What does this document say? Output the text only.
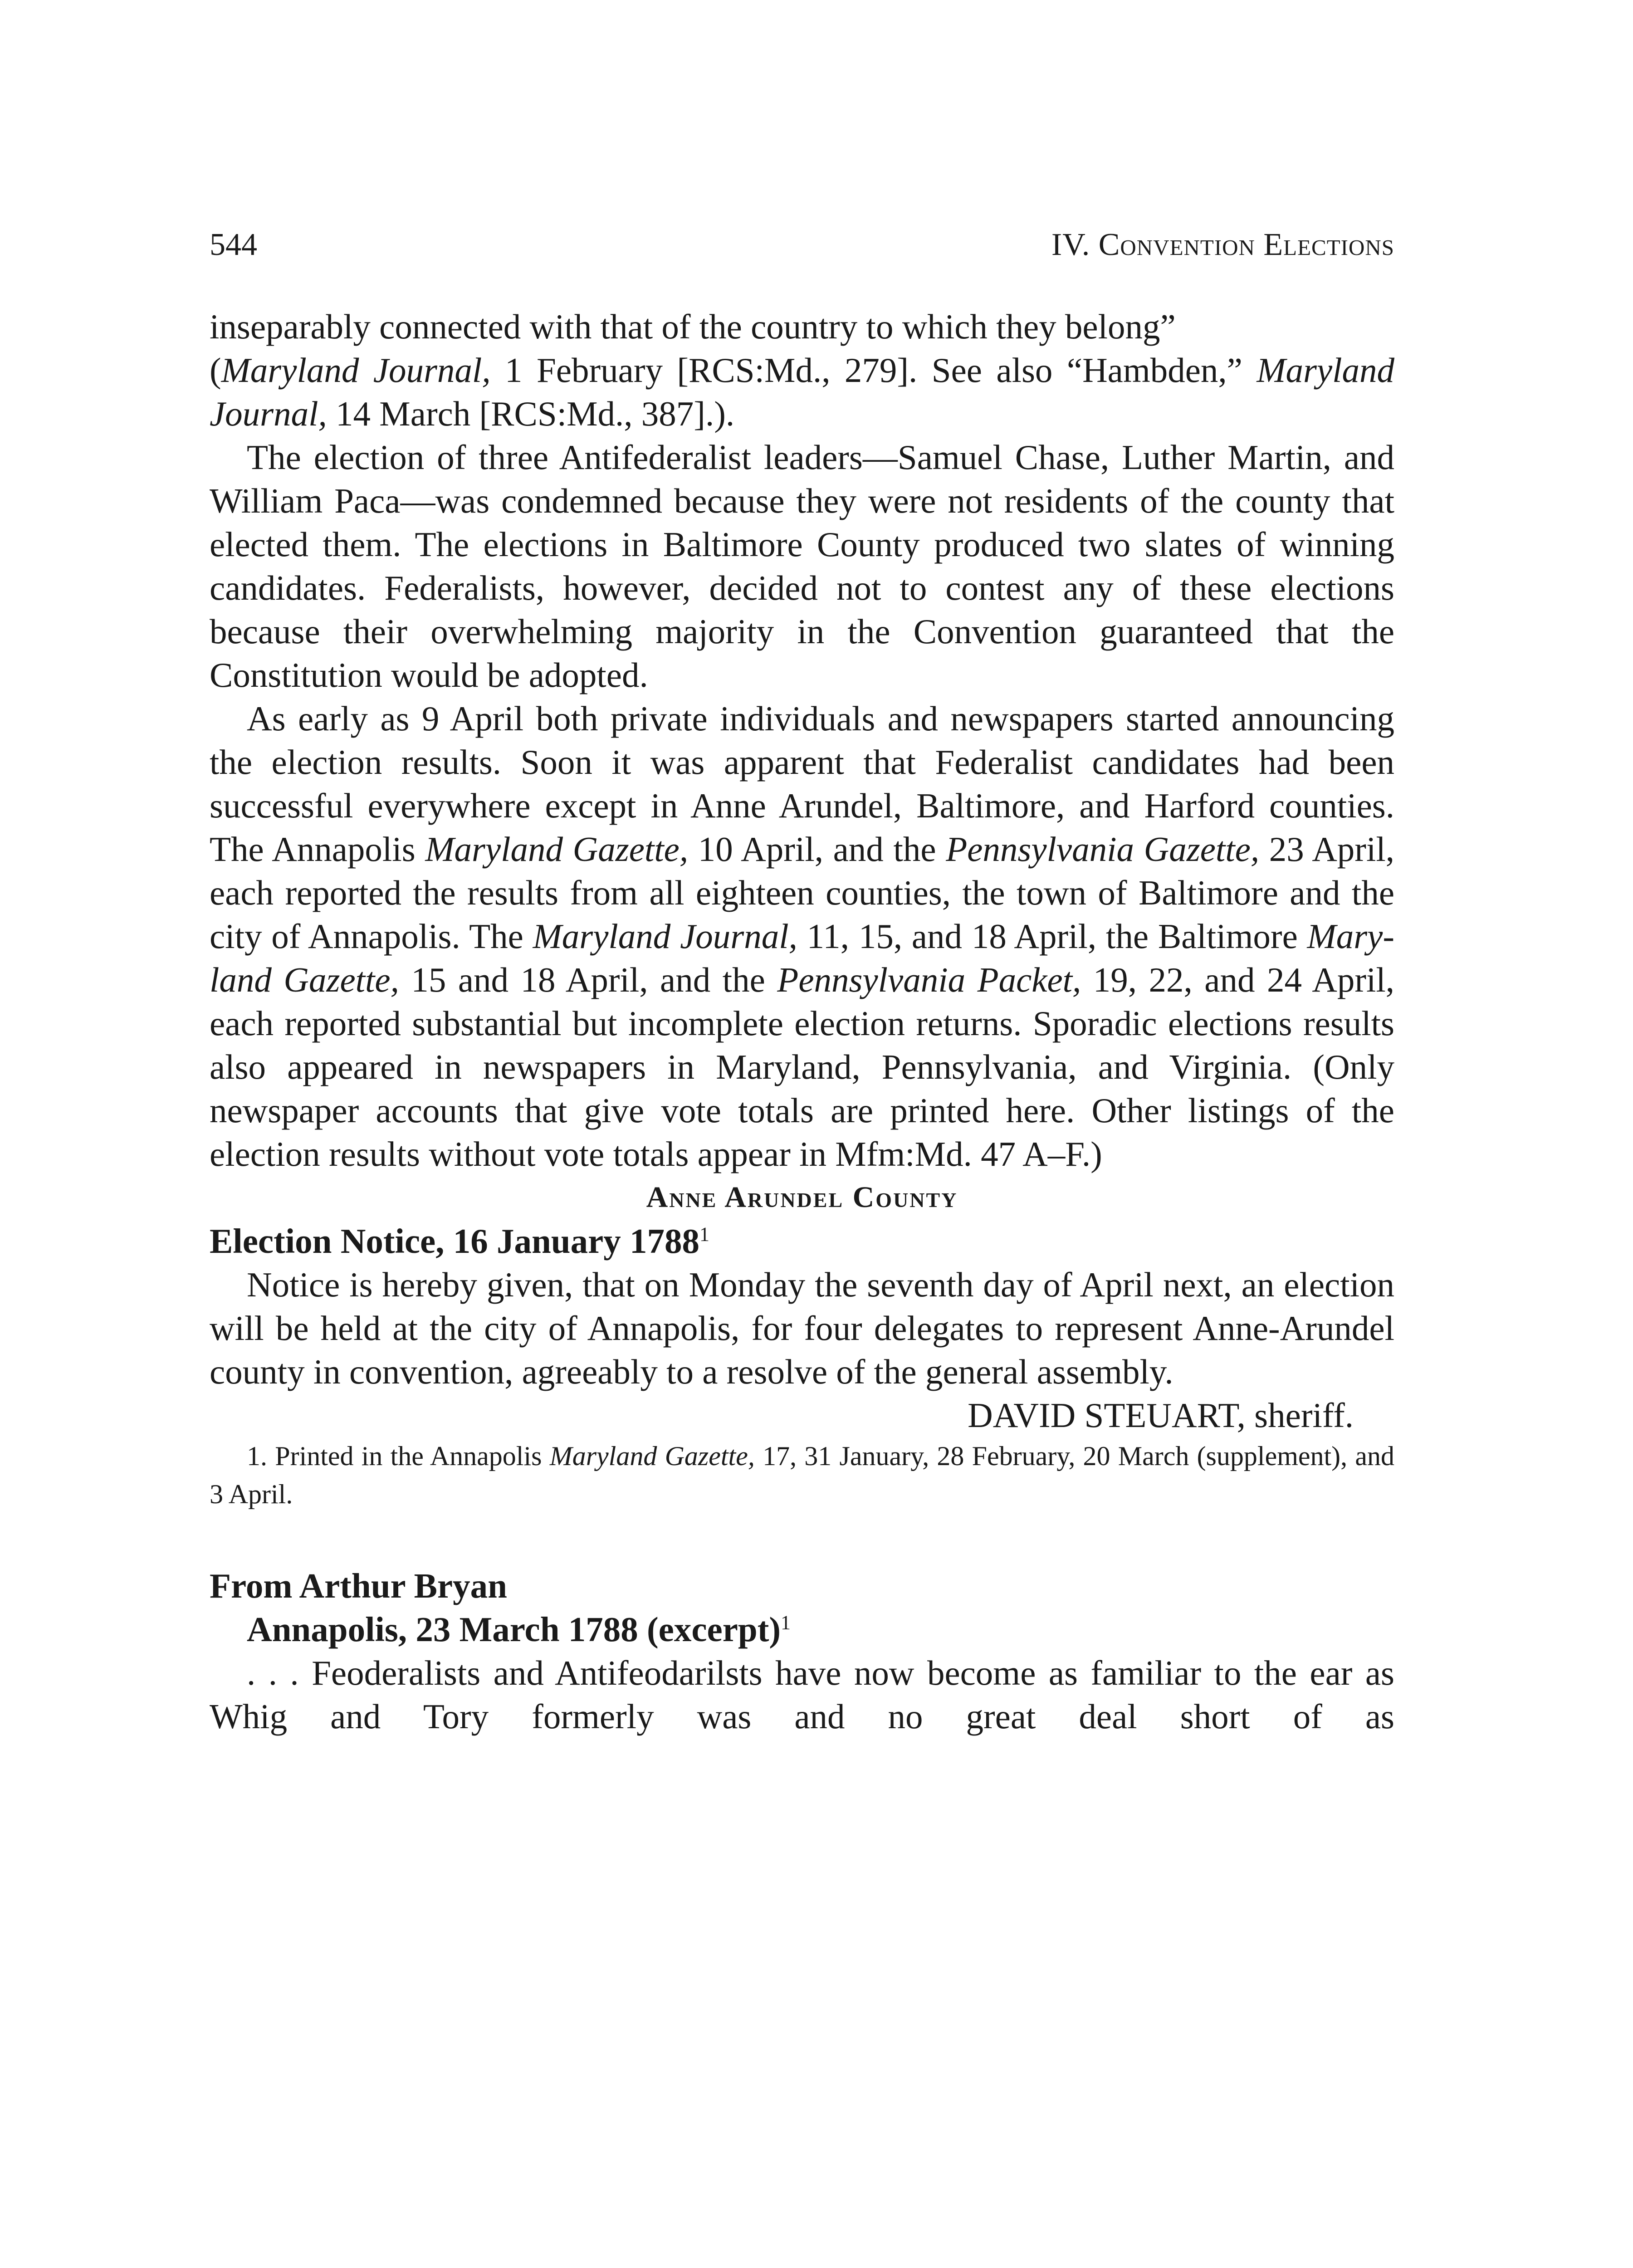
544	IV. Convention Elections

inseparably connected with that of the country to which they belong”
(Maryland Journal, 1 February [RCS:Md., 279]. See also “Hambden,” Maryland Journal, 14 March [RCS:Md., 387].).

The election of three Antifederalist leaders—Samuel Chase, Luther Martin, and William Paca—was condemned because they were not residents of the county that elected them. The elections in Baltimore County produced two slates of winning candidates. Federalists, however, decided not to contest any of these elections because their overwhelming majority in the Convention guaranteed that the Constitution would be adopted.

As early as 9 April both private individuals and newspapers started announcing the election results. Soon it was apparent that Federalist candidates had been successful everywhere except in Anne Arundel, Baltimore, and Harford counties. The Annapolis Maryland Gazette, 10 April, and the Pennsylvania Gazette, 23 April, each reported the results from all eighteen counties, the town of Baltimore and the city of Annapolis. The Maryland Journal, 11, 15, and 18 April, the Baltimore Maryland Gazette, 15 and 18 April, and the Pennsylvania Packet, 19, 22, and 24 April, each reported substantial but incomplete election returns. Sporadic elections results also appeared in newspapers in Maryland, Pennsylvania, and Virginia. (Only newspaper accounts that give vote totals are printed here. Other listings of the election results without vote totals appear in Mfm:Md. 47 A–F.)

Anne Arundel County

Election Notice, 16 January 1788$^1$

Notice is hereby given, that on Monday the seventh day of April next, an election will be held at the city of Annapolis, for four delegates to represent Anne-Arundel county in convention, agreeably to a resolve of the general assembly.

DAVID STEUART, sheriff.

1. Printed in the Annapolis Maryland Gazette, 17, 31 January, 28 February, 20 March (supplement), and 3 April.

From Arthur Bryan

Annapolis, 23 March 1788 (excerpt)$^1$

. . . Feoderalists and Antifeodarilsts have now become as familiar to the ear as Whig and Tory formerly was and no great deal short of as
